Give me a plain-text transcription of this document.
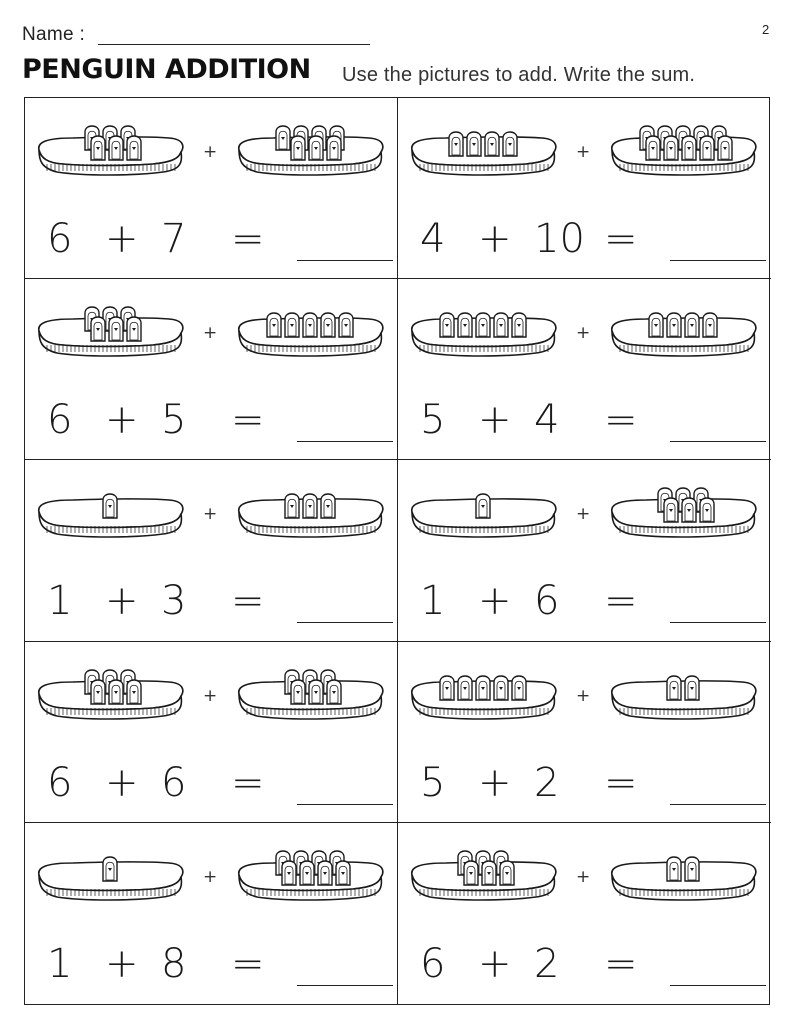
Name :	2
PENGUIN ADDITION Use the pictures to add. Write the sum.
+
6 + 7 =
+
4 + 10 =
+
6 + 5 =
+
5 + 4 =
+
1 + 3 =
+
1 + 6 =
+
6 + 6 =
+
5 + 2 =
+
1 + 8 =
+
6 + 2 =
